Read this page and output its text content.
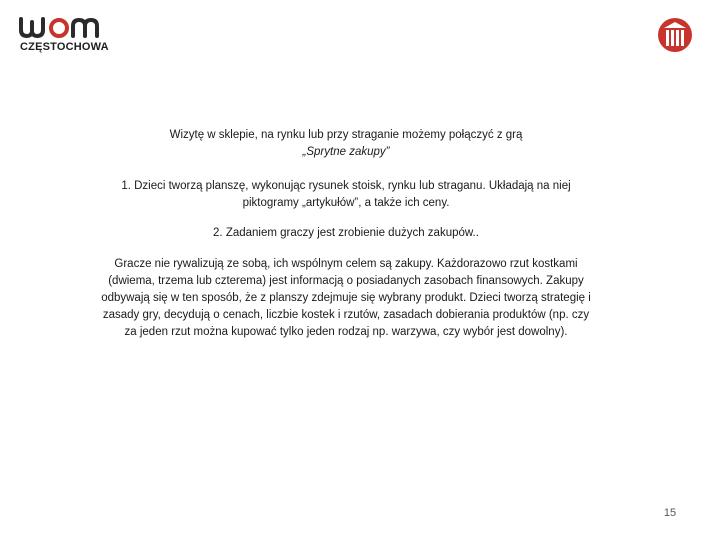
CZĘSTOCHOWA

Wizytę w sklepie, na rynku lub przy straganie możemy połączyć z grą

„Sprytne zakupy”

1. Dzieci tworzą planszę, wykonując rysunek stoisk, rynku lub straganu. Układają na niej piktogramy „artykułów”, a także ich ceny.

2. Zadaniem graczy jest zrobienie dużych zakupów..

Gracze nie rywalizują ze sobą, ich wspólnym celem są zakupy. Każdorazowo rzut kostkami (dwiema, trzema lub czterema) jest informacją o posiadanych zasobach finansowych. Zakupy odbywają się w ten sposób, że z planszy zdejmuje się wybrany produkt. Dzieci tworzą strategię i zasady gry, decydują o cenach, liczbie kostek i rzutów, zasadach dobierania produktów (np. czy za jeden rzut można kupować tylko jeden rodzaj np. warzywa, czy wybór jest dowolny).

15
